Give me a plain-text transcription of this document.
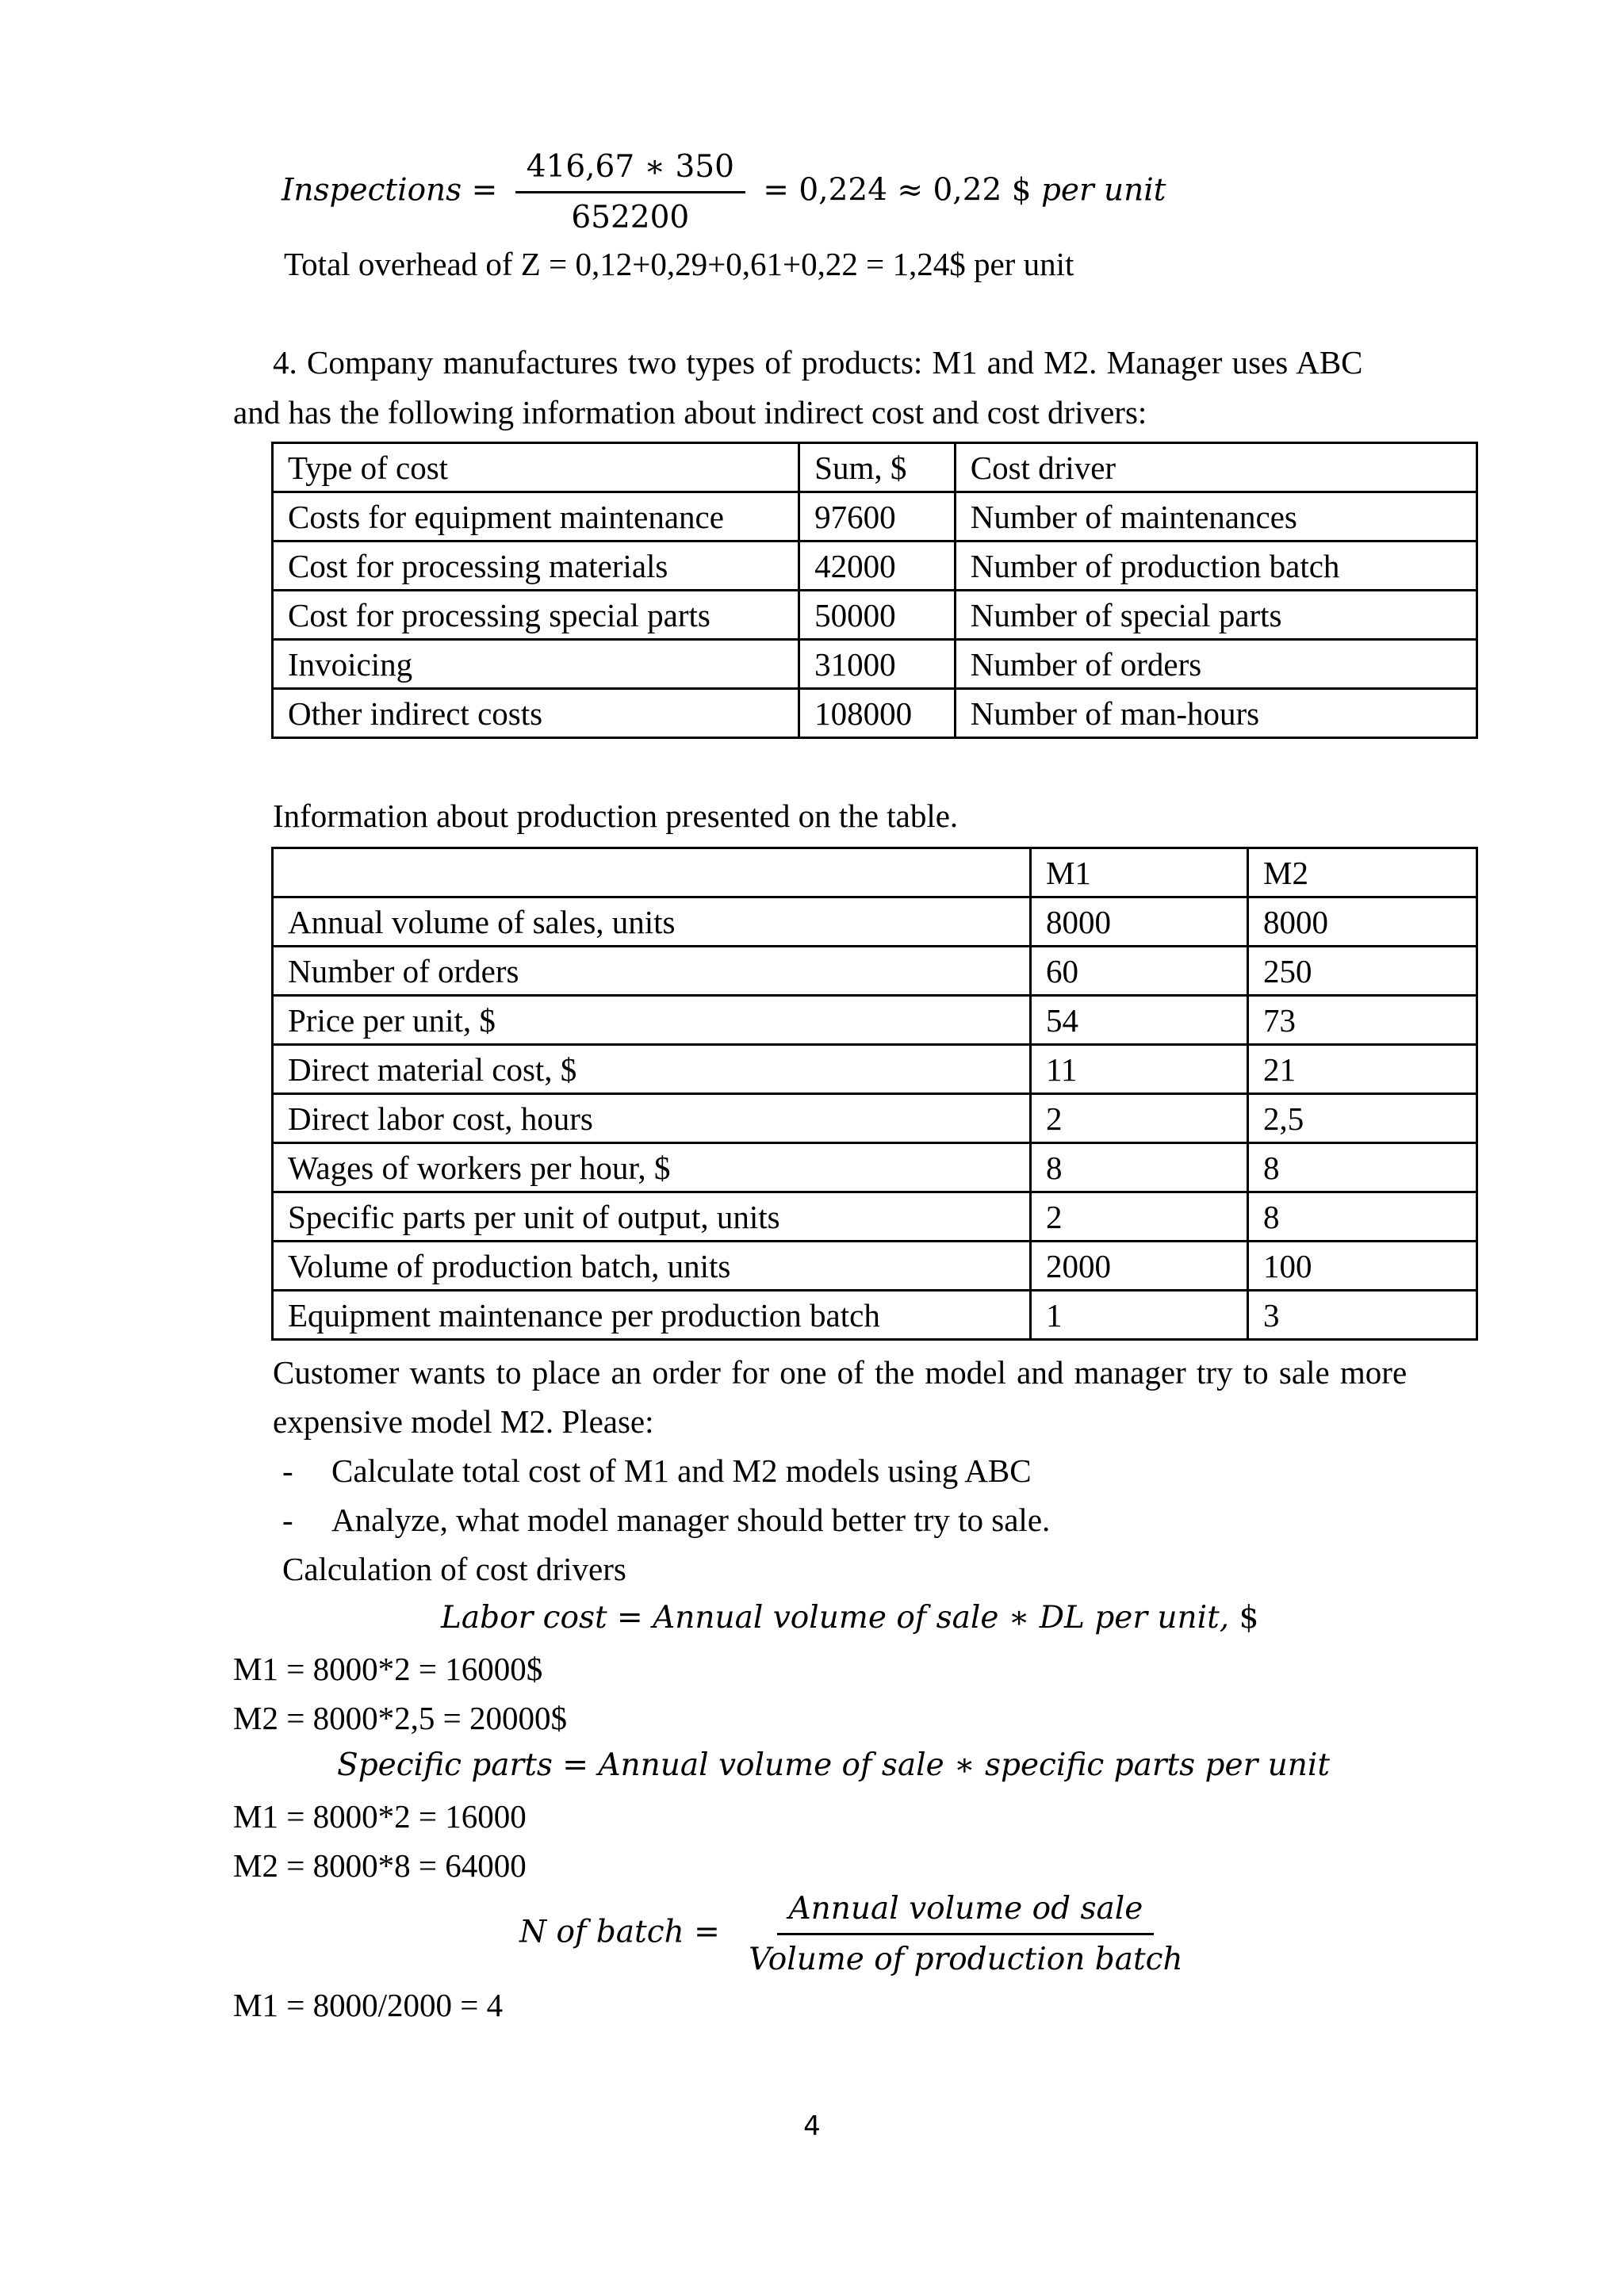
Inspections = $\frac{416,67 ∗ 350}{652200} = 0,224 \approx 0,22$ $ per unit
Total overhead of Z = 0,12+0,29+0,61+0,22 = 1,24$ per unit
4. Company manufactures two types of products: M1 and M2. Manager uses ABC
and has the following information about indirect cost and cost drivers:
Type of cost	Sum, $	Cost driver
Costs for equipment maintenance	97600	Number of maintenances
Cost for processing materials	42000	Number of production batch
Cost for processing special parts	50000	Number of special parts
Invoicing	31000	Number of orders
Other indirect costs	108000	Number of man-hours
Information about production presented on the table.
	M1	M2
Annual volume of sales, units	8000	8000
Number of orders	60	250
Price per unit, $	54	73
Direct material cost, $	11	21
Direct labor cost, hours	2	2,5
Wages of workers per hour, $	8	8
Specific parts per unit of output, units	2	8
Volume of production batch, units	2000	100
Equipment maintenance per production batch	1	3
Customer wants to place an order for one of the model and manager try to sale more
expensive model M2. Please:
- Calculate total cost of M1 and M2 models using ABC
- Analyze, what model manager should better try to sale.
Calculation of cost drivers
Labor cost = Annual volume of sale ∗ DL per unit, $
M1 = 8000*2 = 16000$
M2 = 8000*2,5 = 20000$
Specific parts = Annual volume of sale ∗ specific parts per unit
M1 = 8000*2 = 16000
M2 = 8000*8 = 64000
N of batch = $\frac{\text{Annual volume od sale}}{\text{Volume of production batch}}$
M1 = 8000/2000 = 4
4
